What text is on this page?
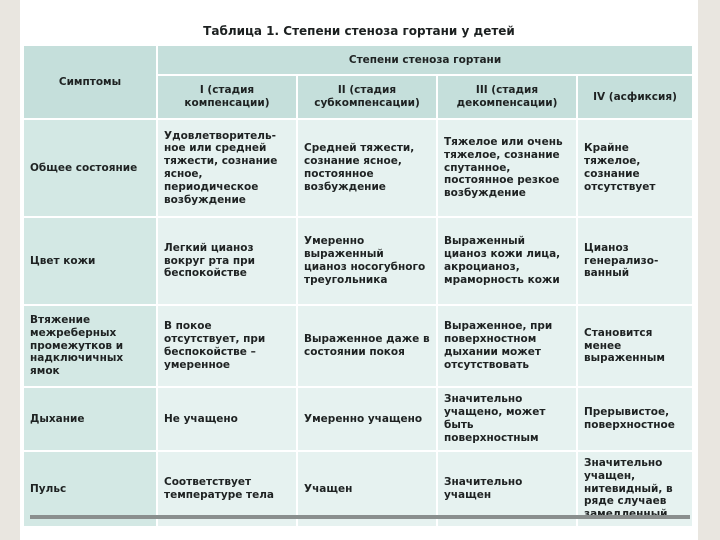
Таблица 1. Степени стеноза гортани у детей
Симптомы	Степени стеноза гортани			
	I (стадия компенсации)	II (стадия субкомпенсации)	III (стадия декомпенсации)	IV (асфиксия)
Общее состояние	Удовлетворитель-ное или средней тяжести, сознание ясное, периодическое возбуждение	Средней тяжести, сознание ясное, постоянное возбуждение	Тяжелое или очень тяжелое, сознание спутанное, постоянное резкое возбуждение	Крайне тяжелое, сознание отсутствует
Цвет кожи	Легкий цианоз вокруг рта при беспокойстве	Умеренно выраженный цианоз носогубного треугольника	Выраженный цианоз кожи лица, акроцианоз, мраморность кожи	Цианоз генерализо-ванный
Втяжение межреберных промежутков и надключичных ямок	В покое отсутствует, при беспокойстве – умеренное	Выраженное даже в состоянии покоя	Выраженное, при поверхностном дыхании может отсутствовать	Становится менее выраженным
Дыхание	Не учащено	Умеренно учащено	Значительно учащено, может быть поверхностным	Прерывистое, поверхностное
Пульс	Соответствует температуре тела	Учащен	Значительно учащен	Значительно учащен, нитевидный, в ряде случаев
